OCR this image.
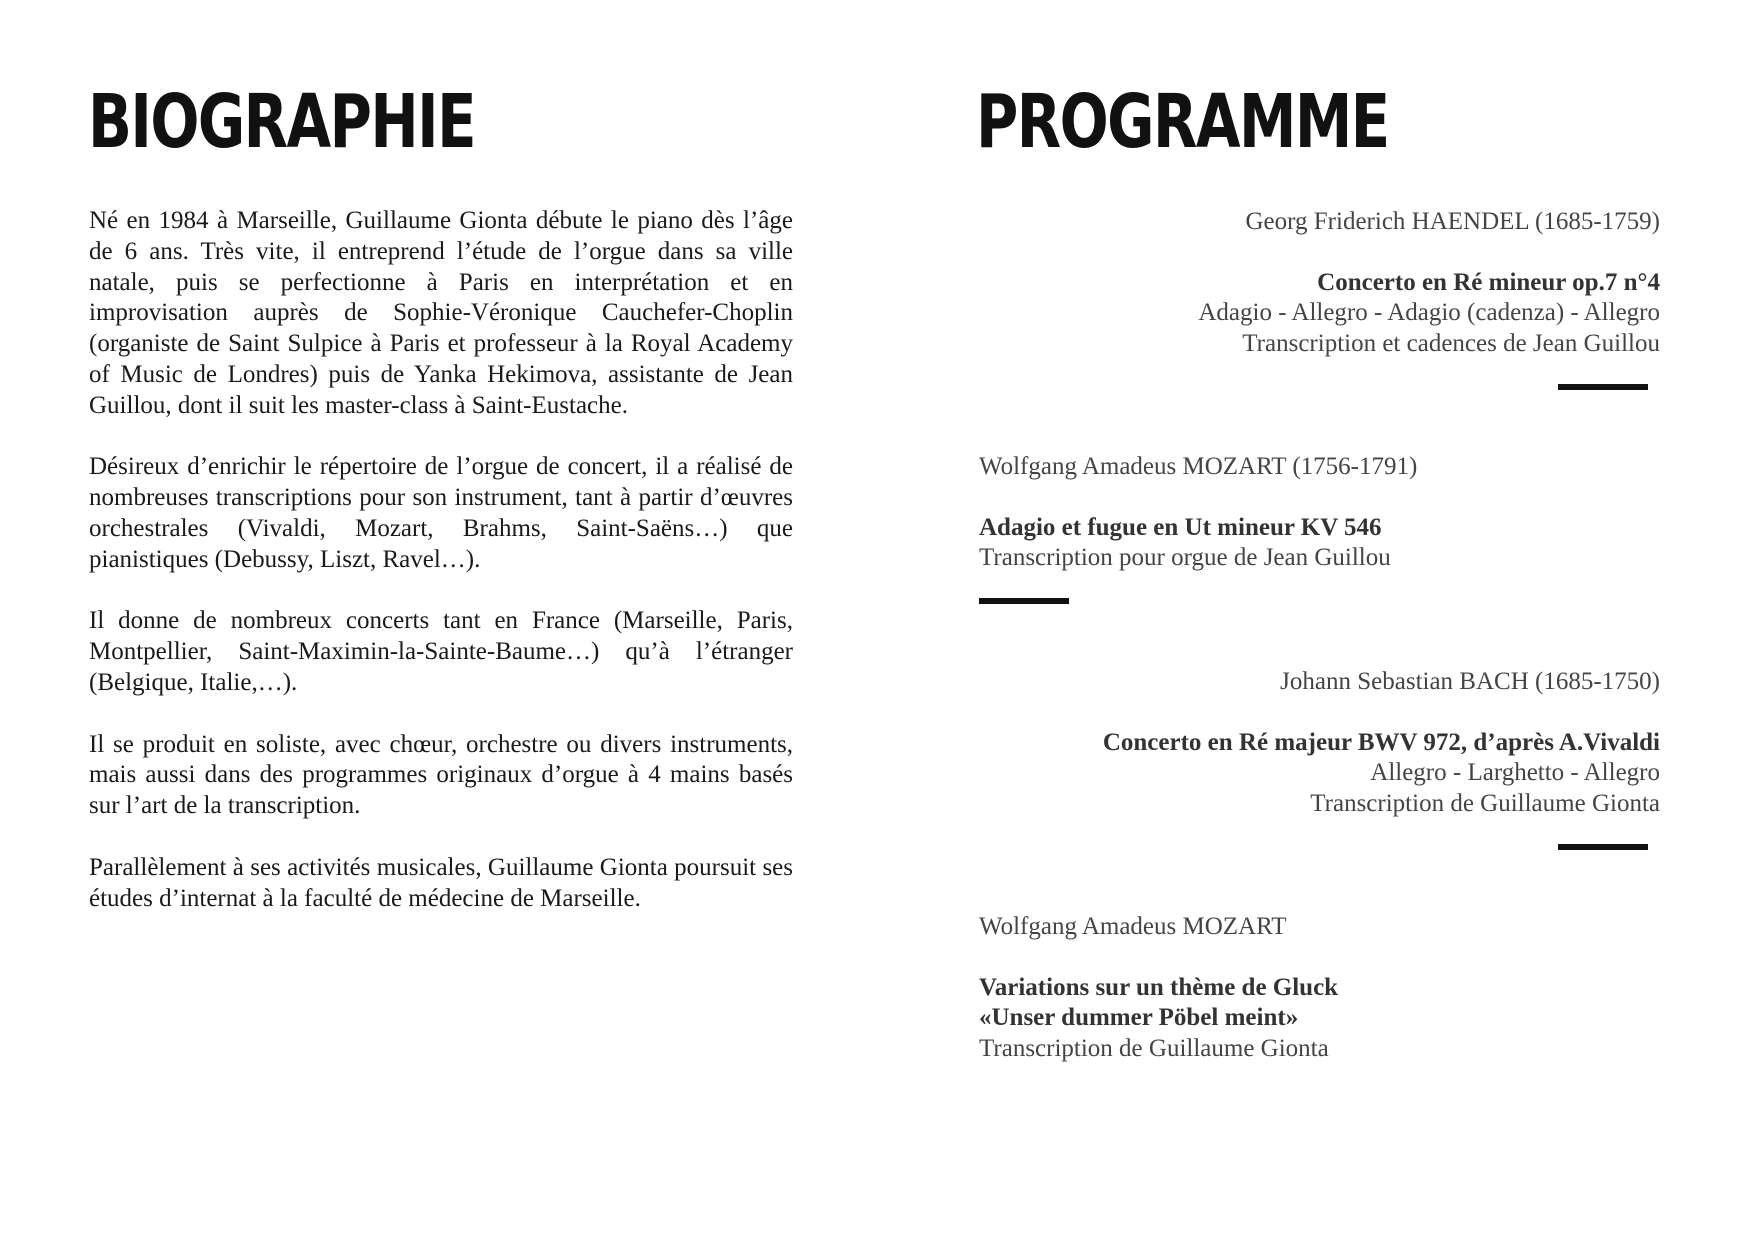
BIOGRAPHIE

Né en 1984 à Marseille, Guillaume Gionta débute le piano dès l’âge de 6 ans. Très vite, il entreprend l’étude de l’orgue dans sa ville natale, puis se perfectionne à Paris en interprétation et en improvisation auprès de Sophie-Véronique Cauchefer-Choplin (organiste de Saint Sulpice à Paris et professeur à la Royal Academy of Music de Londres) puis de Yanka Hekimova, assistante de Jean Guillou, dont il suit les master-class à Saint-Eustache.

Désireux d’enrichir le répertoire de l’orgue de concert, il a réalisé de nombreuses transcriptions pour son instrument, tant à partir d’œuvres orchestrales (Vivaldi, Mozart, Brahms, Saint-Saëns…) que pianistiques (Debussy, Liszt, Ravel…).

Il donne de nombreux concerts tant en France (Marseille, Paris, Montpellier, Saint-Maximin-la-Sainte-Baume…) qu’à l’étranger (Belgique, Italie,…).

Il se produit en soliste, avec chœur, orchestre ou divers instruments, mais aussi dans des programmes originaux d’orgue à 4 mains basés sur l’art de la transcription.

Parallèlement à ses activités musicales, Guillaume Gionta poursuit ses études d’internat à la faculté de médecine de Marseille.

PROGRAMME
Georg Friderich HAENDEL (1685-1759)
Concerto en Ré mineur op.7 n°4
Adagio - Allegro - Adagio (cadenza) - Allegro
Transcription et cadences de Jean Guillou
Wolfgang Amadeus MOZART (1756-1791)
Adagio et fugue en Ut mineur KV 546
Transcription pour orgue de Jean Guillou
Johann Sebastian BACH (1685-1750)
Concerto en Ré majeur BWV 972, d’après A.Vivaldi
Allegro - Larghetto - Allegro
Transcription de Guillaume Gionta
Wolfgang Amadeus MOZART
Variations sur un thème de Gluck
«Unser dummer Pöbel meint»
Transcription de Guillaume Gionta
